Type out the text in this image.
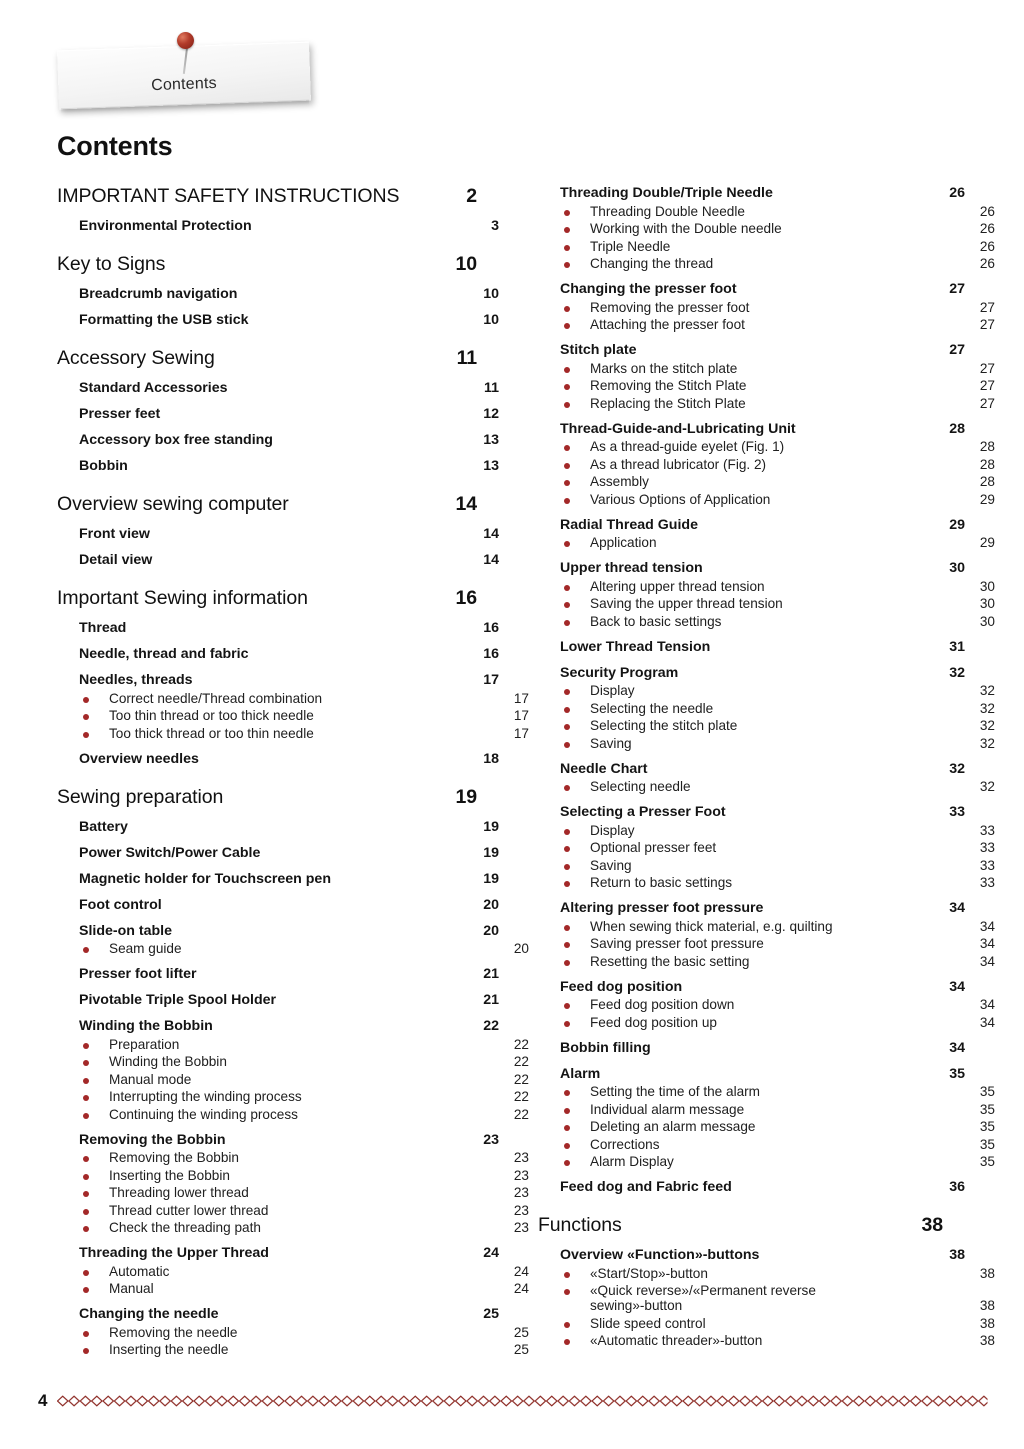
Contents
Contents
IMPORTANT SAFETY INSTRUCTIONS	2
Environmental Protection	3
Key to Signs	10
Breadcrumb navigation	10
Formatting the USB stick	10
Accessory Sewing	11
Standard Accessories	11
Presser feet	12
Accessory box free standing	13
Bobbin	13
Overview sewing computer	14
Front view	14
Detail view	14
Important Sewing information	16
Thread	16
Needle, thread and fabric	16
Needles, threads	17
Correct needle/Thread combination	17
Too thin thread or too thick needle	17
Too thick thread or too thin needle	17
Overview needles	18
Sewing preparation	19
Battery	19
Power Switch/Power Cable	19
Magnetic holder for Touchscreen pen	19
Foot control	20
Slide-on table	20
Seam guide	20
Presser foot lifter	21
Pivotable Triple Spool Holder	21
Winding the Bobbin	22
Preparation	22
Winding the Bobbin	22
Manual mode	22
Interrupting the winding process	22
Continuing the winding process	22
Removing the Bobbin	23
Removing the Bobbin	23
Inserting the Bobbin	23
Threading lower thread	23
Thread cutter lower thread	23
Check the threading path	23
Threading the Upper Thread	24
Automatic	24
Manual	24
Changing the needle	25
Removing the needle	25
Inserting the needle	25
Threading Double/Triple Needle	26
Threading Double Needle	26
Working with the Double needle	26
Triple Needle	26
Changing the thread	26
Changing the presser foot	27
Removing the presser foot	27
Attaching the presser foot	27
Stitch plate	27
Marks on the stitch plate	27
Removing the Stitch Plate	27
Replacing the Stitch Plate	27
Thread-Guide-and-Lubricating Unit	28
As a thread-guide eyelet (Fig. 1)	28
As a thread lubricator (Fig. 2)	28
Assembly	28
Various Options of Application	29
Radial Thread Guide	29
Application	29
Upper thread tension	30
Altering upper thread tension	30
Saving the upper thread tension	30
Back to basic settings	30
Lower Thread Tension	31
Security Program	32
Display	32
Selecting the needle	32
Selecting the stitch plate	32
Saving	32
Needle Chart	32
Selecting needle	32
Selecting a Presser Foot	33
Display	33
Optional presser feet	33
Saving	33
Return to basic settings	33
Altering presser foot pressure	34
When sewing thick material, e.g. quilting	34
Saving presser foot pressure	34
Resetting the basic setting	34
Feed dog position	34
Feed dog position down	34
Feed dog position up	34
Bobbin filling	34
Alarm	35
Setting the time of the alarm	35
Individual alarm message	35
Deleting an alarm message	35
Corrections	35
Alarm Display	35
Feed dog and Fabric feed	36
Functions	38
Overview «Function»-buttons	38
«Start/Stop»-button	38
«Quick reverse»/«Permanent reverse
sewing»-button	38
Slide speed control	38
«Automatic threader»-button	38
4
